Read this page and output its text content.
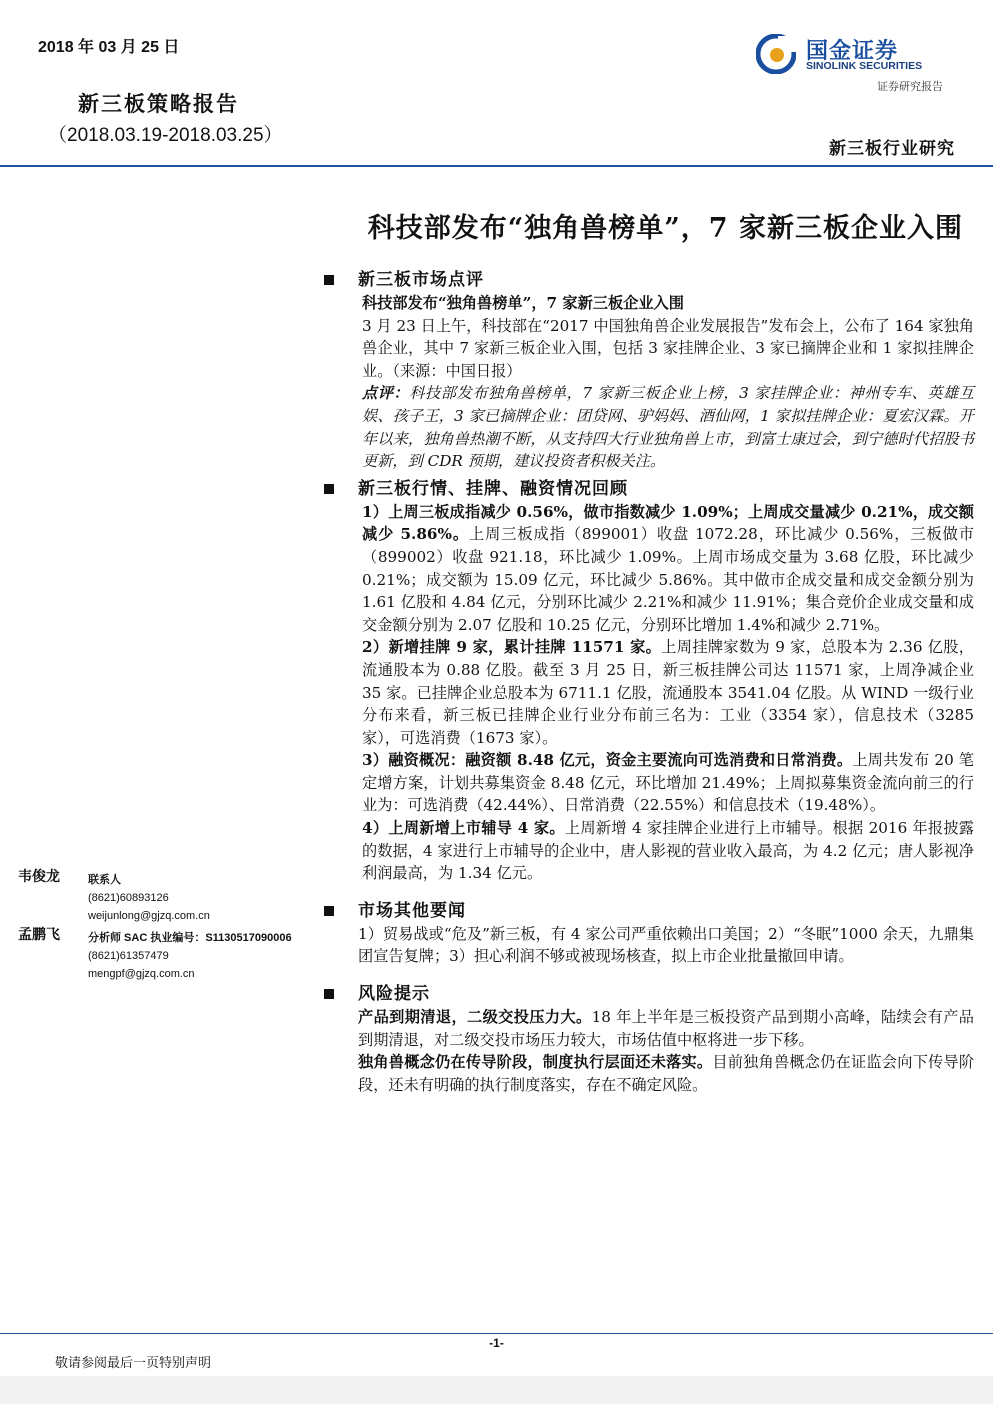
2018 年 03 月 25 日
新三板策略报告
（2018.03.19-2018.03.25）
国金证券
SINOLINK SECURITIES
证券研究报告
新三板行业研究
科技部发布“独角兽榜单”，7 家新三板企业入围
新三板市场点评

科技部发布“独角兽榜单”，7 家新三板企业入围

3 月 23 日上午，科技部在“2017 中国独角兽企业发展报告”发布会上，公布了 164 家独角兽企业，其中 7 家新三板企业入围，包括 3 家挂牌企业、3 家已摘牌企业和 1 家拟挂牌企业。（来源：中国日报）

点评：科技部发布独角兽榜单，7 家新三板企业上榜，3 家挂牌企业：神州专车、英雄互娱、孩子王，3 家已摘牌企业：团贷网、驴妈妈、酒仙网，1 家拟挂牌企业：夏宏汉霖。开年以来，独角兽热潮不断，从支持四大行业独角兽上市，到富士康过会，到宁德时代招股书更新，到 CDR 预期，建议投资者积极关注。

新三板行情、挂牌、融资情况回顾

1）上周三板成指减少 0.56%，做市指数减少 1.09%；上周成交量减少 0.21%，成交额减少 5.86%。上周三板成指（899001）收盘 1072.28，环比减少 0.56%，三板做市（899002）收盘 921.18，环比减少 1.09%。上周市场成交量为 3.68 亿股，环比减少 0.21%；成交额为 15.09 亿元，环比减少 5.86%。其中做市企成交量和成交金额分别为 1.61 亿股和 4.84 亿元，分别环比减少 2.21%和减少 11.91%；集合竞价企业成交量和成交金额分别为 2.07 亿股和 10.25 亿元，分别环比增加 1.4%和减少 2.71%。

2）新增挂牌 9 家，累计挂牌 11571 家。上周挂牌家数为 9 家，总股本为 2.36 亿股，流通股本为 0.88 亿股。截至 3 月 25 日，新三板挂牌公司达 11571 家，上周净减企业 35 家。已挂牌企业总股本为 6711.1 亿股，流通股本 3541.04 亿股。从 WIND 一级行业分布来看，新三板已挂牌企业行业分布前三名为：工业（3354 家），信息技术（3285 家），可选消费（1673 家）。

3）融资概况：融资额 8.48 亿元，资金主要流向可选消费和日常消费。上周共发布 20 笔定增方案，计划共募集资金 8.48 亿元，环比增加 21.49%；上周拟募集资金流向前三的行业为：可选消费（42.44%）、日常消费（22.55%）和信息技术（19.48%）。

4）上周新增上市辅导 4 家。上周新增 4 家挂牌企业进行上市辅导。根据 2016 年报披露的数据，4 家进行上市辅导的企业中，唐人影视的营业收入最高，为 4.2 亿元；唐人影视净利润最高，为 1.34 亿元。

市场其他要闻

1）贸易战或“危及”新三板，有 4 家公司严重依赖出口美国；2）“冬眠”1000 余天，九鼎集团宣告复牌；3）担心利润不够或被现场核查，拟上市企业批量撤回申请。

风险提示

产品到期清退，二级交投压力大。18 年上半年是三板投资产品到期小高峰，陆续会有产品到期清退，对二级交投市场压力较大，市场估值中枢将进一步下移。

独角兽概念仍在传导阶段，制度执行层面还未落实。目前独角兽概念仍在证监会向下传导阶段，还未有明确的执行制度落实，存在不确定风险。

韦俊龙	联系人
(8621)60893126
weijunlong@gjzq.com.cn
孟鹏飞	分析师 SAC 执业编号：S1130517090006
(8621)61357479
mengpf@gjzq.com.cn
-1-
敬请参阅最后一页特别声明
